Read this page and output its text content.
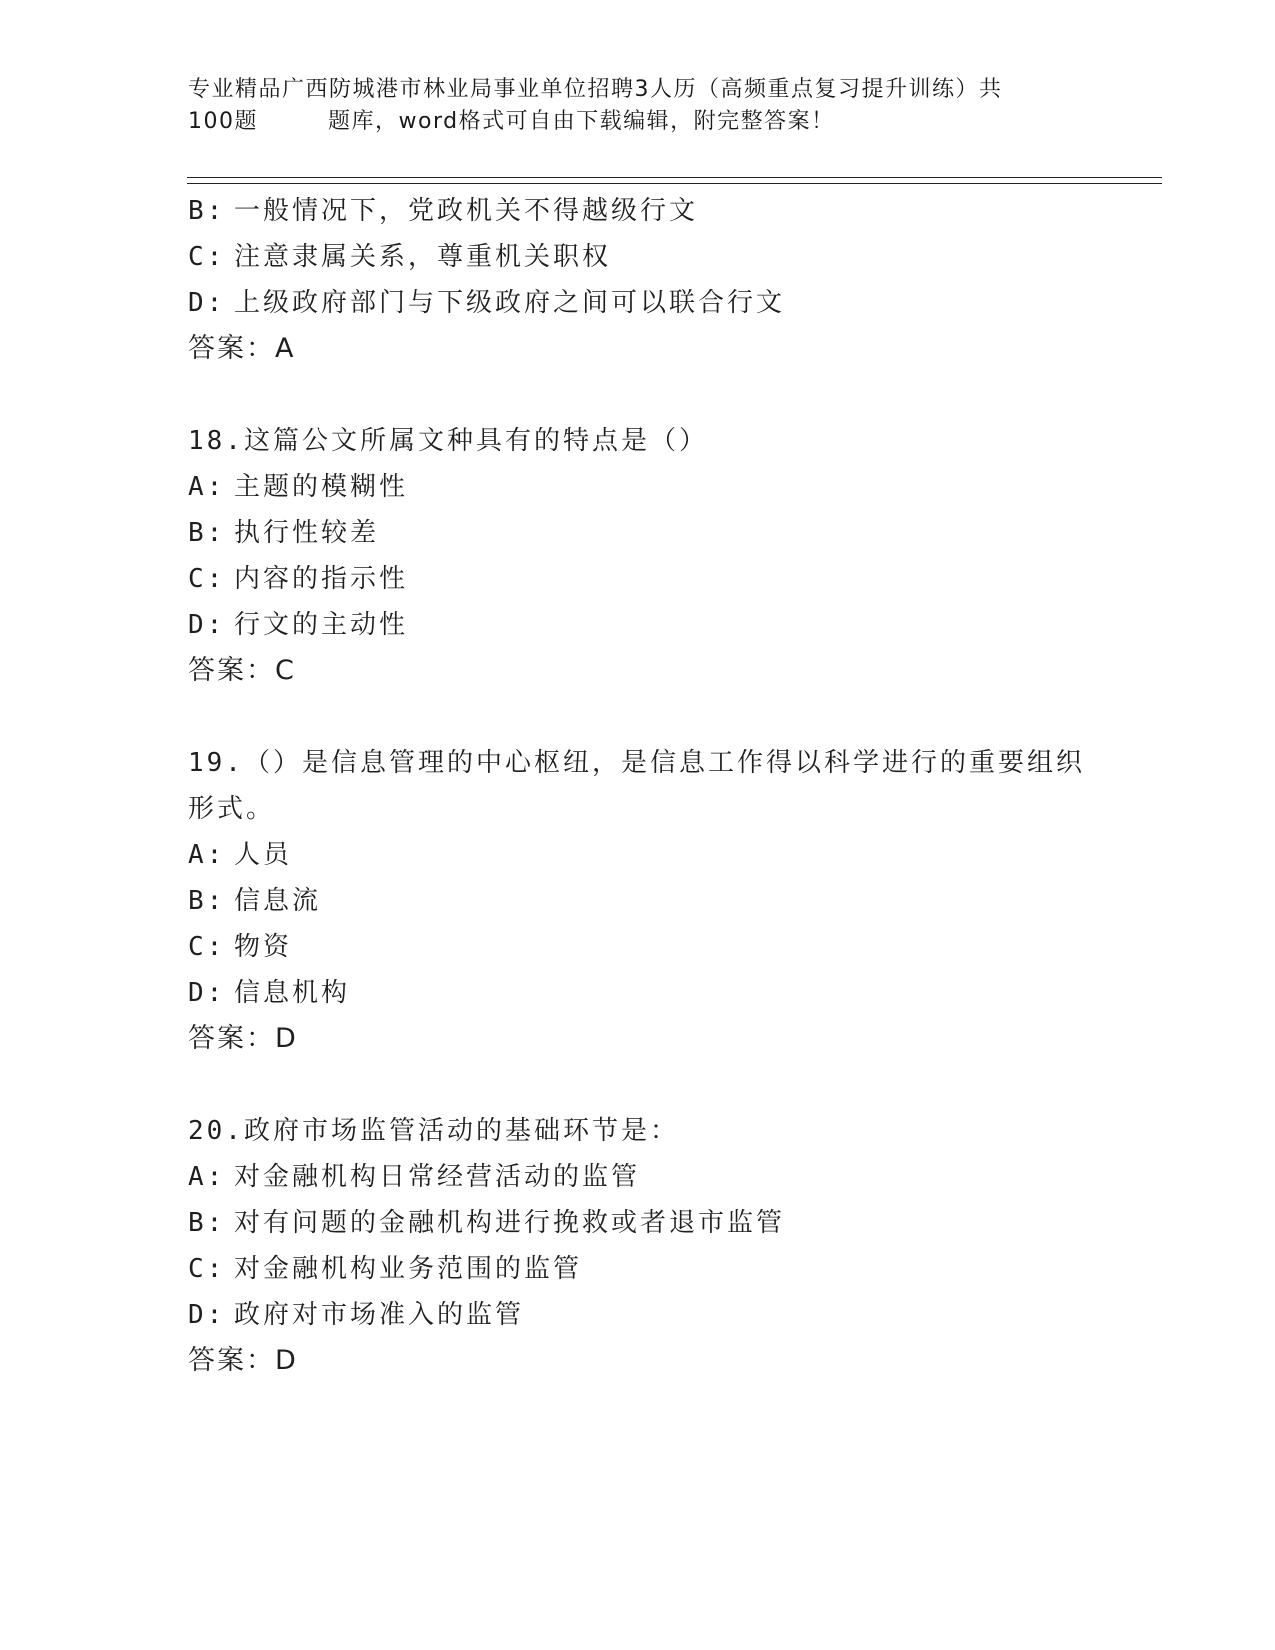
专业精品广西防城港市林业局事业单位招聘3人历（高频重点复习提升训练）共
100题	题库，word格式可自由下载编辑，附完整答案！
B: 一般情况下，党政机关不得越级行文
C: 注意隶属关系，尊重机关职权
D: 上级政府部门与下级政府之间可以联合行文
答案：A
18.这篇公文所属文种具有的特点是（）
A: 主题的模糊性
B: 执行性较差
C: 内容的指示性
D: 行文的主动性
答案：C
19.（）是信息管理的中心枢纽，是信息工作得以科学进行的重要组织
形式。
A: 人员
B: 信息流
C: 物资
D: 信息机构
答案：D
20.政府市场监管活动的基础环节是：
A: 对金融机构日常经营活动的监管
B: 对有问题的金融机构进行挽救或者退市监管
C: 对金融机构业务范围的监管
D: 政府对市场准入的监管
答案：D
